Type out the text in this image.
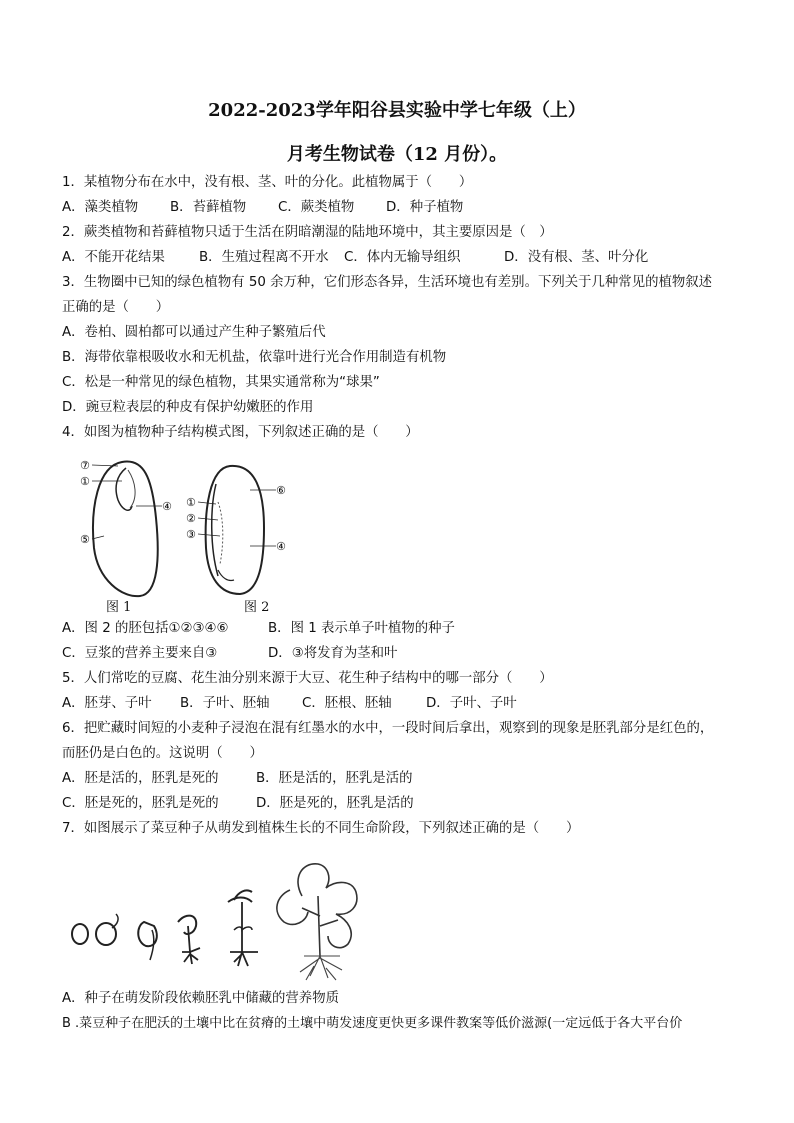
2022-2023学年阳谷县实验中学七年级（上）
月考生物试卷（12 月份）。
1．某植物分布在水中，没有根、茎、叶的分化。此植物属于（　　）
A．藻类植物	B．苔藓植物	C．蕨类植物	D．种子植物
2．蕨类植物和苔藓植物只适于生活在阴暗潮湿的陆地环境中，其主要原因是（　）
A．不能开花结果	B．生殖过程离不开水	C．体内无输导组织	D．没有根、茎、叶分化
3．生物圈中已知的绿色植物有 50 余万种，它们形态各异，生活环境也有差别。下列关于几种常见的植物叙述
正确的是（　　）
A．卷柏、圆柏都可以通过产生种子繁殖后代
B．海带依靠根吸收水和无机盐，依靠叶进行光合作用制造有机物
C．松是一种常见的绿色植物，其果实通常称为“球果”
D．豌豆粒表层的种皮有保护幼嫩胚的作用
4．如图为植物种子结构模式图，下列叙述正确的是（　　）
⑦
①
④
⑤
⑥
①
②
③
④
图 1	图 2
A．图 2 的胚包括①②③④⑥	B．图 1 表示单子叶植物的种子
C．豆浆的营养主要来自③	D．③将发育为茎和叶
5．人们常吃的豆腐、花生油分别来源于大豆、花生种子结构中的哪一部分（　　）
A．胚芽、子叶	B．子叶、胚轴	C．胚根、胚轴	D．子叶、子叶
6．把贮藏时间短的小麦种子浸泡在混有红墨水的水中，一段时间后拿出，观察到的现象是胚乳部分是红色的，
而胚仍是白色的。这说明（　　）
A．胚是活的，胚乳是死的	B．胚是活的，胚乳是活的
C．胚是死的，胚乳是死的	D．胚是死的，胚乳是活的
7．如图展示了菜豆种子从萌发到植株生长的不同生命阶段，下列叙述正确的是（　　）
A．种子在萌发阶段依赖胚乳中储藏的营养物质
B .菜豆种子在肥沃的土壤中比在贫瘠的土壤中萌发速度更快更多课件教案等低价滋源(一定远低于各大平台价
